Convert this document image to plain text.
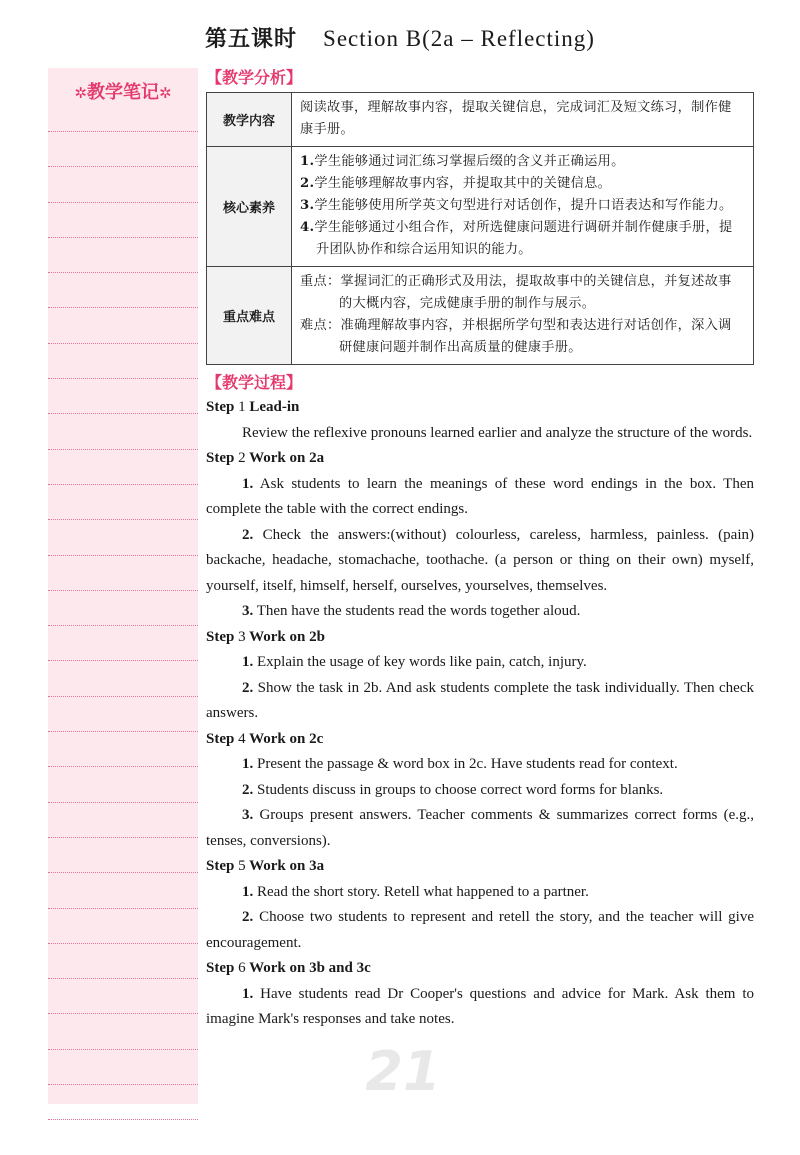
第五课时 Section B(2a – Reflecting)
✲教学笔记✲
【教学分析】
教学内容	阅读故事，理解故事内容，提取关键信息，完成词汇及短文练习，制作健康手册。
核心素养	1.学生能够通过词汇练习掌握后缀的含义并正确运用。
2.学生能够理解故事内容，并提取其中的关键信息。
3.学生能够使用所学英文句型进行对话创作，提升口语表达和写作能力。
4.学生能够通过小组合作，对所选健康问题进行调研并制作健康手册，提升团队协作和综合运用知识的能力。

重点难点	重点：掌握词汇的正确形式及用法，提取故事中的关键信息，并复述故事的大概内容，完成健康手册的制作与展示。
难点：准确理解故事内容，并根据所学句型和表达进行对话创作，深入调研健康问题并制作出高质量的健康手册。
【教学过程】
Step 1 Lead-in
Review the reflexive pronouns learned earlier and analyze the structure of the words.
Step 2 Work on 2a
1. Ask students to learn the meanings of these word endings in the box. Then complete the table with the correct endings.
2. Check the answers:(without) colourless, careless, harmless, painless. (pain) backache, headache, stomachache, toothache. (a person or thing on their own) myself, yourself, itself, himself, herself, ourselves, yourselves, themselves.
3. Then have the students read the words together aloud.
Step 3 Work on 2b
1. Explain the usage of key words like pain, catch, injury.
2. Show the task in 2b. And ask students complete the task individually. Then check answers.
Step 4 Work on 2c
1. Present the passage & word box in 2c. Have students read for context.
2. Students discuss in groups to choose correct word forms for blanks.
3. Groups present answers. Teacher comments & summarizes correct forms (e.g., tenses, conversions).
Step 5 Work on 3a
1. Read the short story. Retell what happened to a partner.
2. Choose two students to represent and retell the story, and the teacher will give encouragement.
Step 6 Work on 3b and 3c
1. Have students read Dr Cooper's questions and advice for Mark. Ask them to imagine Mark's responses and take notes.
21
